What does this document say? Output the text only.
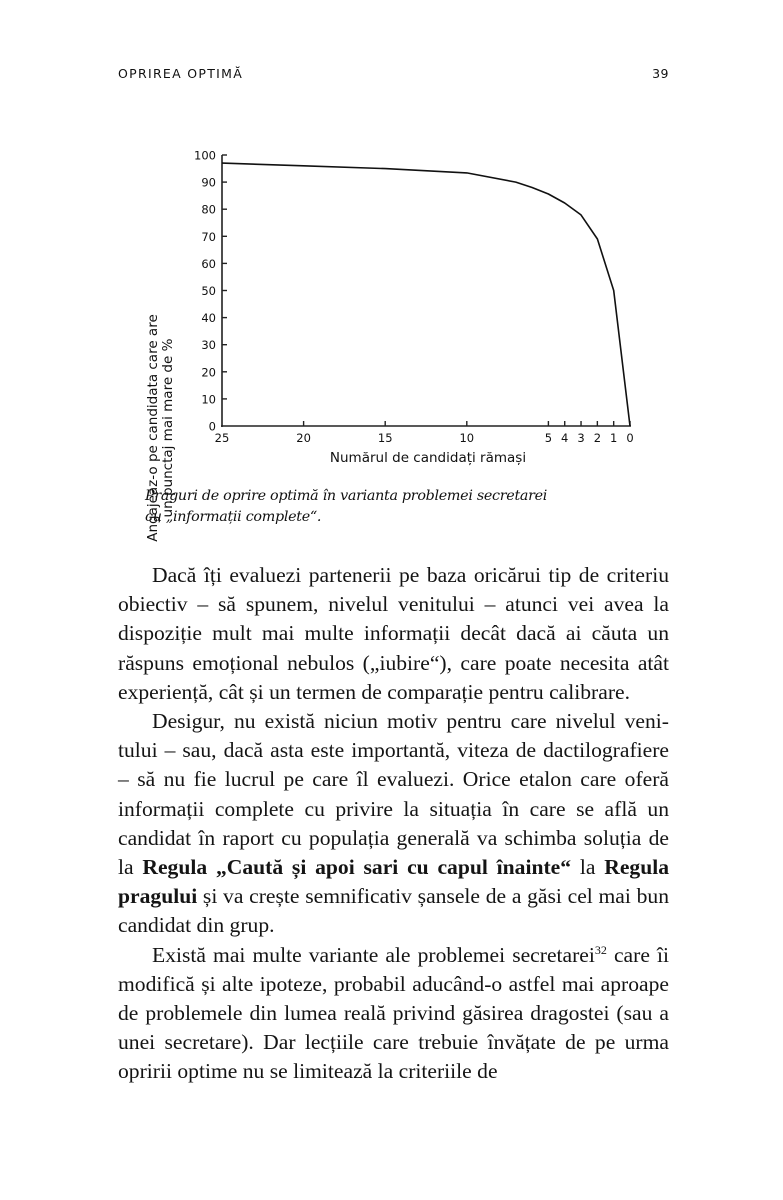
OPRIREA OPTIMĂ	39
0
10
20
30
40
50
60
70
80
90
100
25	20	15	10	5 4 3 2 1 0
Numărul de candidați rămași
Angajeaz-o pe candidata care are un punctaj mai mare de %
Praguri de oprire optimă în varianta problemei secretarei
cu „informații complete“.

Dacă îți evaluezi partenerii pe baza oricărui tip de criteriu obiectiv – să spunem, nivelul venitului – atunci vei avea la dispoziție mult mai multe informații decât dacă ai căuta un răspuns emoțional nebulos („iubire“), care poate necesita atât experiență, cât și un termen de comparație pentru calibrare.

Desigur, nu există niciun motiv pentru care nivelul venitului – sau, dacă asta este importantă, viteza de dactilografiere – să nu fie lucrul pe care îl evaluezi. Orice etalon care oferă informații complete cu privire la situația în care se află un candidat în raport cu populația generală va schimba soluția de la Regula „Caută și apoi sari cu capul înainte“ la Regula pragului și va crește semnificativ șansele de a găsi cel mai bun candidat din grup.

Există mai multe variante ale problemei secretarei$^{32}$ care îi modifică și alte ipoteze, probabil aducând-o astfel mai aproape de problemele din lumea reală privind găsirea dragostei (sau a unei secretare). Dar lecțiile care trebuie învățate de pe urma opririi optime nu se limitează la criteriile de
